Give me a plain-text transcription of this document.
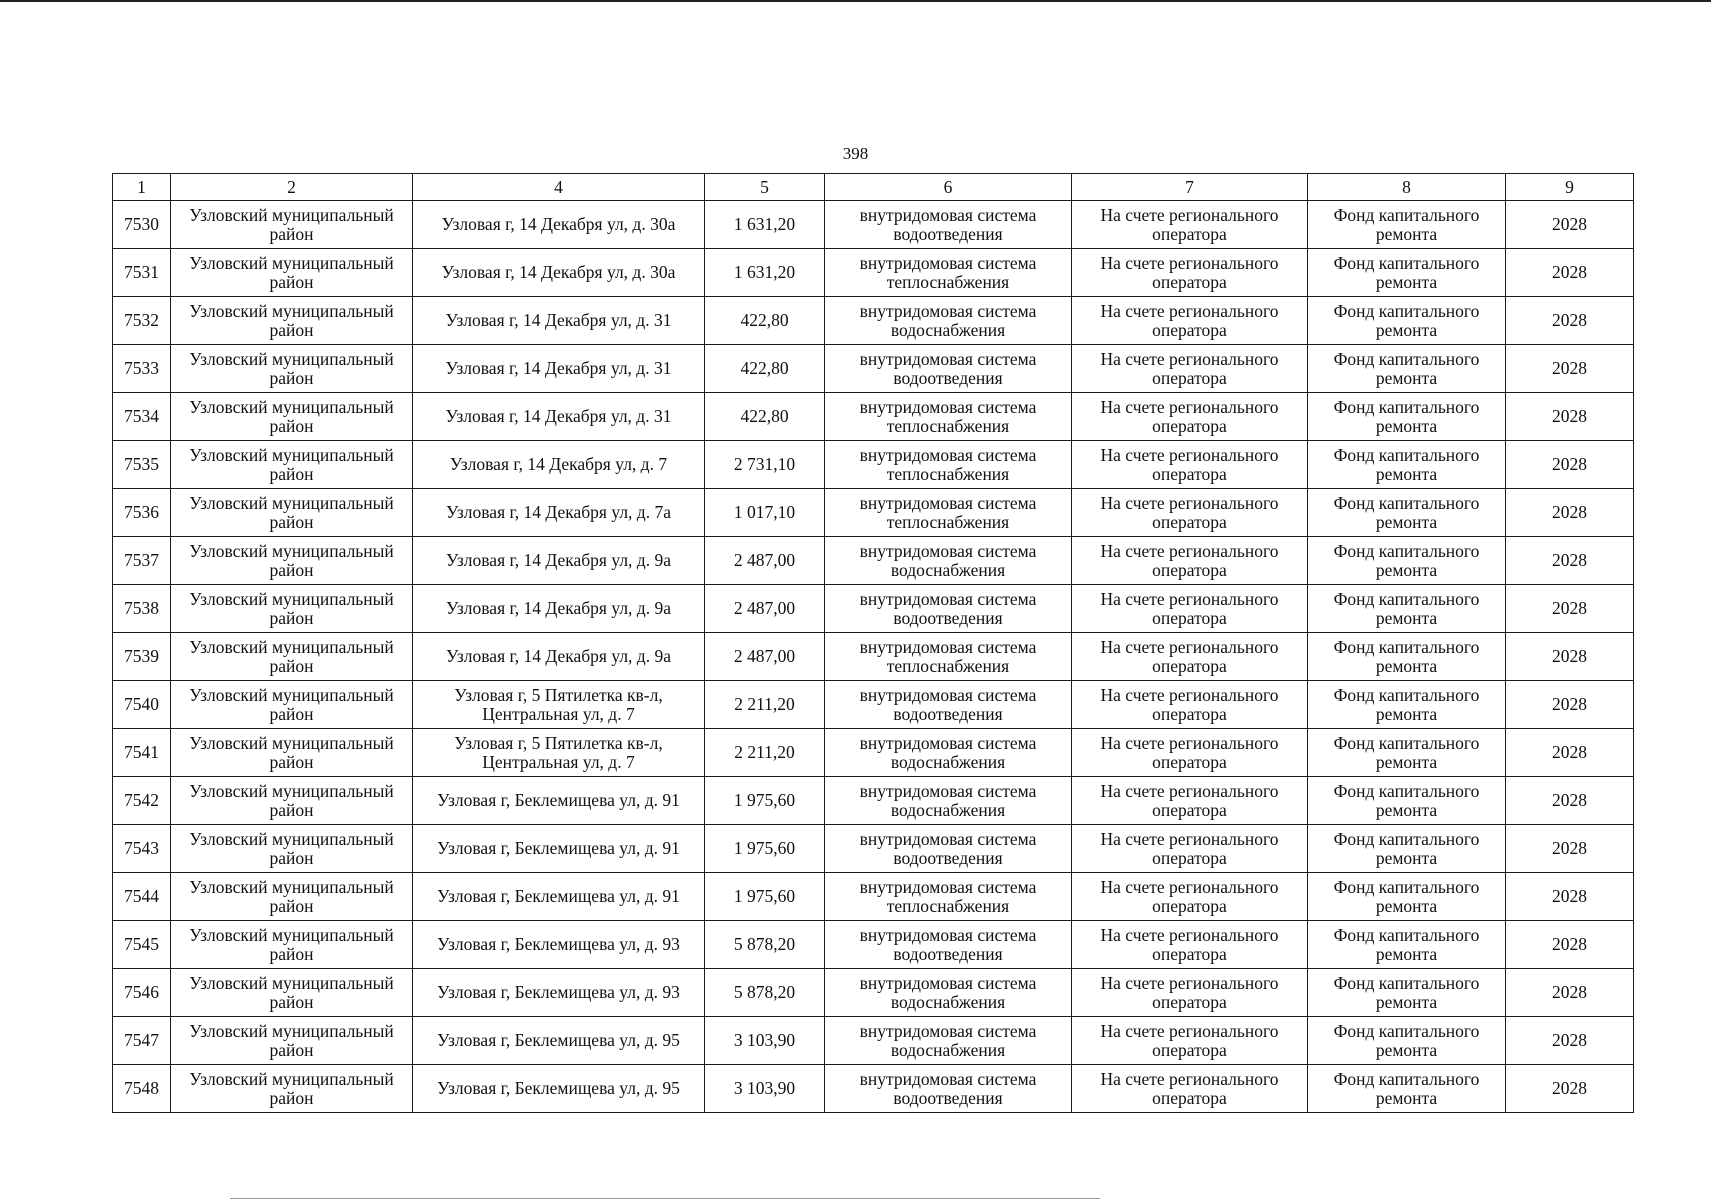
398
1	2	4	5	6	7	8	9
7530	Узловский муниципальный район	Узловая г, 14 Декабря ул, д. 30а	1 631,20	внутридомовая система водоотведения	На счете регионального оператора	Фонд капитального ремонта	2028
7531	Узловский муниципальный район	Узловая г, 14 Декабря ул, д. 30а	1 631,20	внутридомовая система теплоснабжения	На счете регионального оператора	Фонд капитального ремонта	2028
7532	Узловский муниципальный район	Узловая г, 14 Декабря ул, д. 31	422,80	внутридомовая система водоснабжения	На счете регионального оператора	Фонд капитального ремонта	2028
7533	Узловский муниципальный район	Узловая г, 14 Декабря ул, д. 31	422,80	внутридомовая система водоотведения	На счете регионального оператора	Фонд капитального ремонта	2028
7534	Узловский муниципальный район	Узловая г, 14 Декабря ул, д. 31	422,80	внутридомовая система теплоснабжения	На счете регионального оператора	Фонд капитального ремонта	2028
7535	Узловский муниципальный район	Узловая г, 14 Декабря ул, д. 7	2 731,10	внутридомовая система теплоснабжения	На счете регионального оператора	Фонд капитального ремонта	2028
7536	Узловский муниципальный район	Узловая г, 14 Декабря ул, д. 7а	1 017,10	внутридомовая система теплоснабжения	На счете регионального оператора	Фонд капитального ремонта	2028
7537	Узловский муниципальный район	Узловая г, 14 Декабря ул, д. 9а	2 487,00	внутридомовая система водоснабжения	На счете регионального оператора	Фонд капитального ремонта	2028
7538	Узловский муниципальный район	Узловая г, 14 Декабря ул, д. 9а	2 487,00	внутридомовая система водоотведения	На счете регионального оператора	Фонд капитального ремонта	2028
7539	Узловский муниципальный район	Узловая г, 14 Декабря ул, д. 9а	2 487,00	внутридомовая система теплоснабжения	На счете регионального оператора	Фонд капитального ремонта	2028
7540	Узловский муниципальный район	Узловая г, 5 Пятилетка кв-л, Центральная ул, д. 7	2 211,20	внутридомовая система водоотведения	На счете регионального оператора	Фонд капитального ремонта	2028
7541	Узловский муниципальный район	Узловая г, 5 Пятилетка кв-л, Центральная ул, д. 7	2 211,20	внутридомовая система водоснабжения	На счете регионального оператора	Фонд капитального ремонта	2028
7542	Узловский муниципальный район	Узловая г, Беклемищева ул, д. 91	1 975,60	внутридомовая система водоснабжения	На счете регионального оператора	Фонд капитального ремонта	2028
7543	Узловский муниципальный район	Узловая г, Беклемищева ул, д. 91	1 975,60	внутридомовая система водоотведения	На счете регионального оператора	Фонд капитального ремонта	2028
7544	Узловский муниципальный район	Узловая г, Беклемищева ул, д. 91	1 975,60	внутридомовая система теплоснабжения	На счете регионального оператора	Фонд капитального ремонта	2028
7545	Узловский муниципальный район	Узловая г, Беклемищева ул, д. 93	5 878,20	внутридомовая система водоотведения	На счете регионального оператора	Фонд капитального ремонта	2028
7546	Узловский муниципальный район	Узловая г, Беклемищева ул, д. 93	5 878,20	внутридомовая система водоснабжения	На счете регионального оператора	Фонд капитального ремонта	2028
7547	Узловский муниципальный район	Узловая г, Беклемищева ул, д. 95	3 103,90	внутридомовая система водоснабжения	На счете регионального оператора	Фонд капитального ремонта	2028
7548	Узловский муниципальный район	Узловая г, Беклемищева ул, д. 95	3 103,90	внутридомовая система водоотведения	На счете регионального оператора	Фонд капитального ремонта	2028
